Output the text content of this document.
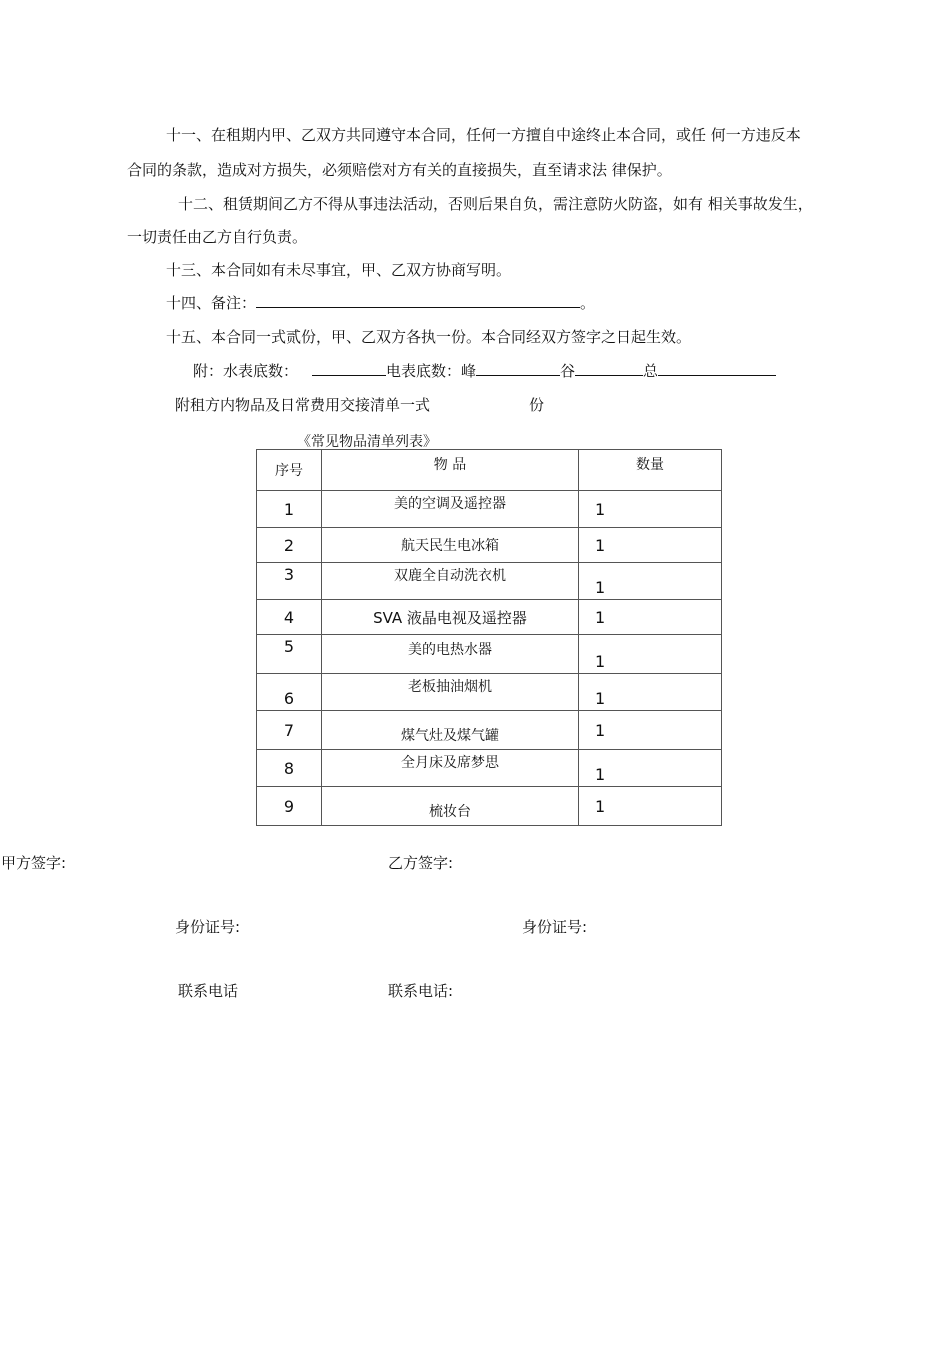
十一、在租期内甲、乙双方共同遵守本合同，任何一方擅自中途终止本合同，或任 何一方违反本
合同的条款，造成对方损失，必须赔偿对方有关的直接损失，直至请求法 律保护。
十二、租赁期间乙方不得从事违法活动，否则后果自负，需注意防火防盗，如有 相关事故发生，
一切责任由乙方自行负责。
十三、本合同如有未尽事宜，甲、乙双方协商写明。
十四、备注：	。
十五、本合同一式贰份，甲、乙双方各执一份。本合同经双方签字之日起生效。
附：水表底数：	电表底数：峰	谷	总
附租方内物品及日常费用交接清单一式	份
《常见物品清单列表》
序号	物 品	数量
1	美的空调及遥控器	1
2	航天民生电冰箱	1
3	双鹿全自动洗衣机	1
4	SVA 液晶电视及遥控器	1
5	美的电热水器	1
6	老板抽油烟机	1
7	煤气灶及煤气罐	1
8	全月床及席梦思	1
9	梳妆台	1
甲方签字:	乙方签字:
身份证号:	身份证号:
联系电话	联系电话:
